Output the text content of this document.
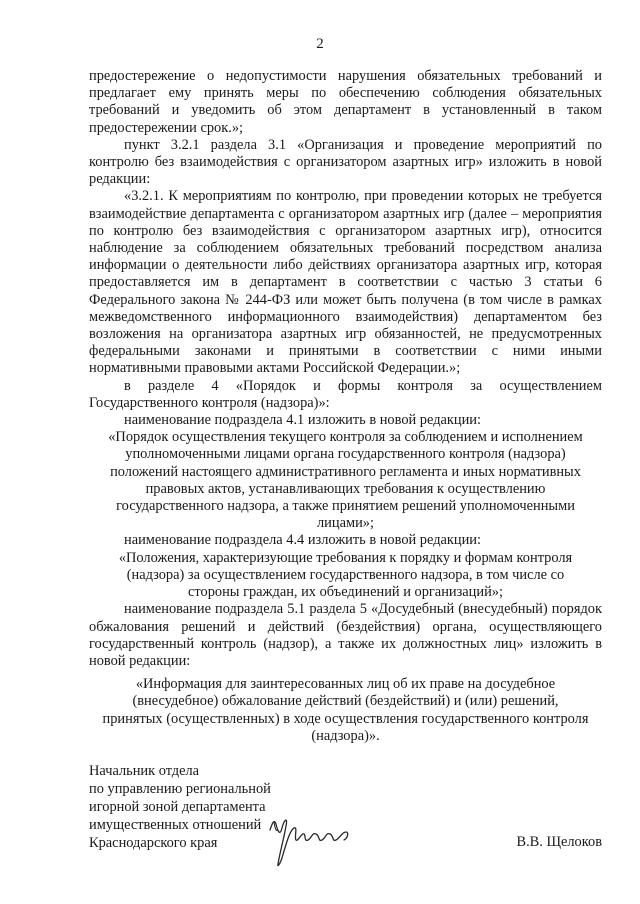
2

предостережение о недопустимости нарушения обязательных требований и предлагает ему принять меры по обеспечению соблюдения обязательных требований и уведомить об этом департамент в установленный в таком предостережении срок.»;

пункт 3.2.1 раздела 3.1 «Организация и проведение мероприятий по контролю без взаимодействия с организатором азартных игр» изложить в новой редакции:

«3.2.1. К мероприятиям по контролю, при проведении которых не требуется взаимодействие департамента с организатором азартных игр (далее – мероприятия по контролю без взаимодействия с организатором азартных игр), относится наблюдение за соблюдением обязательных требований посредством анализа информации о деятельности либо действиях организатора азартных игр, которая предоставляется им в департамент в соответствии с частью 3 статьи 6 Федерального закона № 244-ФЗ или может быть получена (в том числе в рамках межведомственного информационного взаимодействия) департаментом без возложения на организатора азартных игр обязанностей, не предусмотренных федеральными законами и принятыми в соответствии с ними иными нормативными правовыми актами Российской Федерации.»;

в разделе 4 «Порядок и формы контроля за осуществлением Государственного контроля (надзора)»:

наименование подраздела 4.1 изложить в новой редакции:

«Порядок осуществления текущего контроля за соблюдением и исполнением уполномоченными лицами органа государственного контроля (надзора) положений настоящего административного регламента и иных нормативных правовых актов, устанавливающих требования к осуществлению государственного надзора, а также принятием решений уполномоченными лицами»;

наименование подраздела 4.4 изложить в новой редакции:

«Положения, характеризующие требования к порядку и формам контроля (надзора) за осуществлением государственного надзора, в том числе со стороны граждан, их объединений и организаций»;

наименование подраздела 5.1 раздела 5 «Досудебный (внесудебный) порядок обжалования решений и действий (бездействия) органа, осуществляющего государственный контроль (надзор), а также их должностных лиц» изложить в новой редакции:

«Информация для заинтересованных лиц об их праве на досудебное (внесудебное) обжалование действий (бездействий) и (или) решений, принятых (осуществленных) в ходе осуществления государственного контроля (надзора)».

Начальник отдела
по управлению региональной
игорной зоной департамента
имущественных отношений
Краснодарского края	В.В. Щелоков
